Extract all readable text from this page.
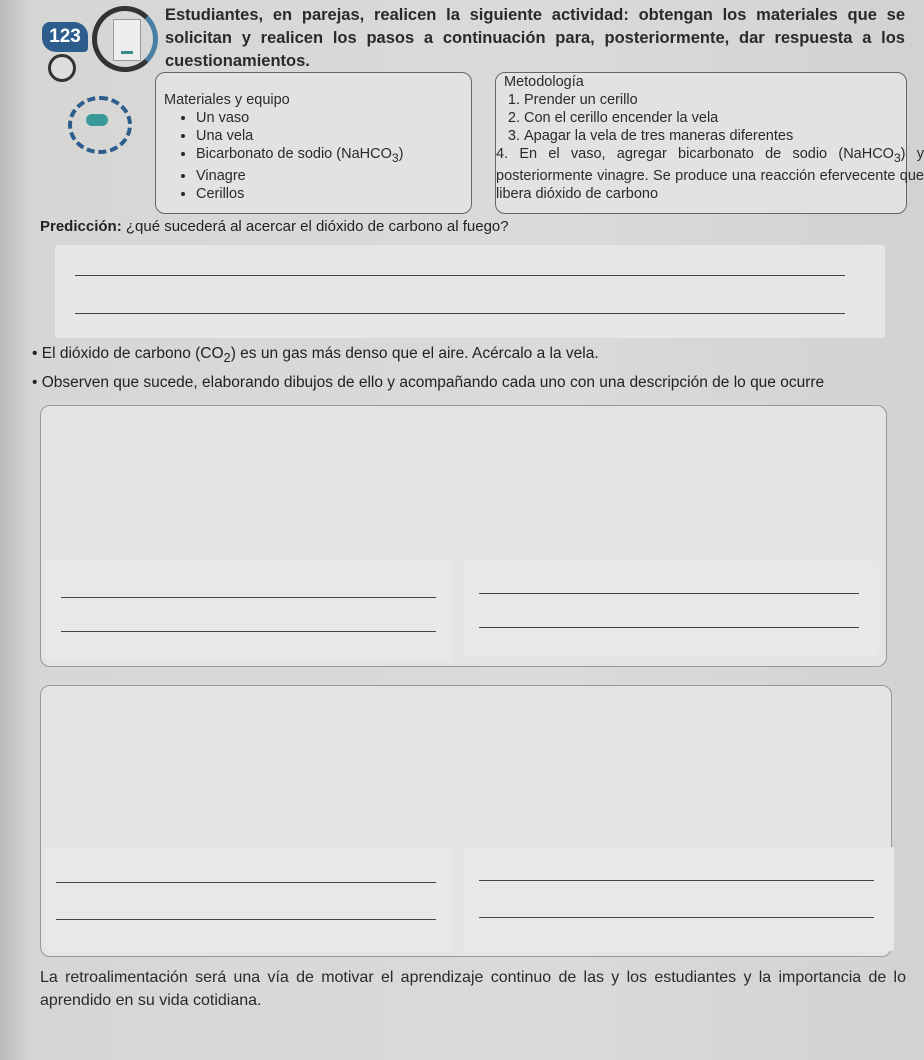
123
Estudiantes, en parejas, realicen la siguiente actividad: obtengan los materiales que se solicitan y realicen los pasos a continuación para, posteriormente, dar respuesta a los cuestionamientos.
Materiales y equipo
• Un vaso
• Una vela
• Bicarbonato de sodio (NaHCO$_3$)
• Vinagre
• Cerillos
Metodología
1. Prender un cerillo
2. Con el cerillo encender la vela
3. Apagar la vela de tres maneras diferentes
4. En el vaso, agregar bicarbonato de sodio (NaHCO$_3$) y posteriormente vinagre. Se produce una reacción efervecente que libera dióxido de carbono
Predicción: ¿qué sucederá al acercar el dióxido de carbono al fuego?
• El dióxido de carbono $(CO_2)$ es un gas más denso que el aire. Acércalo a la vela.
• Observen que sucede, elaborando dibujos de ello y acompañando cada uno con una descripción de lo que ocurre
La retroalimentación será una vía de motivar el aprendizaje continuo de las y los estudiantes y la importancia de lo aprendido en su vida cotidiana.
